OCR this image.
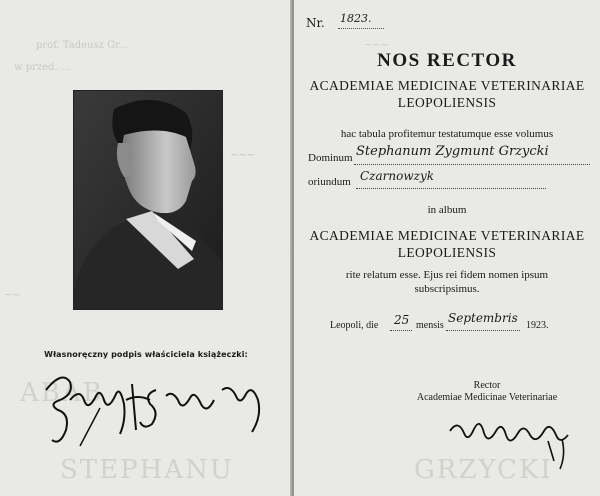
prof. Tadeusz Gr...
w przed. ...
~~~
~~
ABAB
STEPHANU
Własnoręczny podpis właściciela książeczki:
~~~
GRZYCKI
Nr. 1823.
NOS RECTOR
ACADEMIAE MEDICINAE VETERINARIAE
LEOPOLIENSIS
hac tabula profitemur testatumque esse volumus
Dominum Stephanum Zygmunt Grzycki
oriundum Czarnowzyk
in album
ACADEMIAE MEDICINAE VETERINARIAE
LEOPOLIENSIS
rite relatum esse. Ejus rei fidem nomen ipsum
subscripsimus.
Leopoli, die 25 mensis
Septembris
1923.
Rector
Academiae Medicinae Veterinariae
